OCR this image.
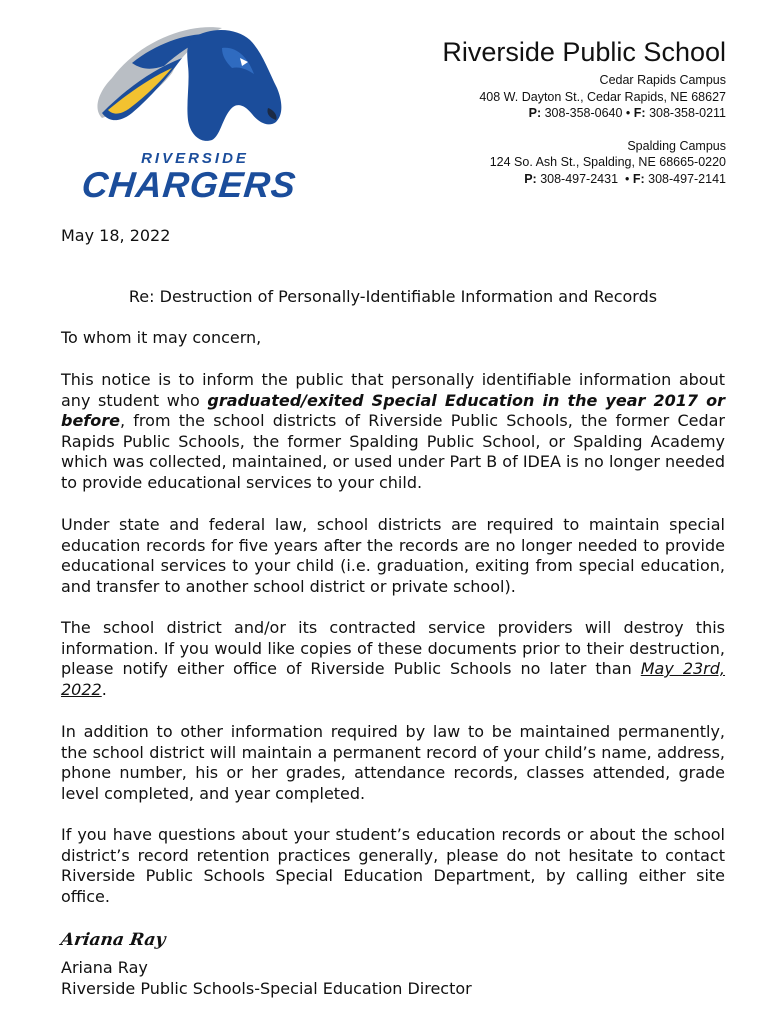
RIVERSIDE
CHARGERS
Riverside Public School
Cedar Rapids Campus
408 W. Dayton St., Cedar Rapids, NE 68627
P: 308-358-0640 • F: 308-358-0211
Spalding Campus
124 So. Ash St., Spalding, NE 68665-0220
P: 308-497-2431  • F: 308-497-2141
May 18, 2022
Re: Destruction of Personally-Identifiable Information and Records
To whom it may concern,
This notice is to inform the public that personally identifiable information about any student who graduated/exited Special Education in the year 2017 or before, from the school districts of Riverside Public Schools, the former Cedar Rapids Public Schools, the former Spalding Public School, or Spalding Academy which was collected, maintained, or used under Part B of IDEA is no longer needed to provide educational services to your child.
Under state and federal law, school districts are required to maintain special education records for five years after the records are no longer needed to provide educational services to your child (i.e. graduation, exiting from special education, and transfer to another school district or private school).
The school district and/or its contracted service providers will destroy this information. If you would like copies of these documents prior to their destruction, please notify either office of Riverside Public Schools no later than May 23rd, 2022.
In addition to other information required by law to be maintained permanently, the school district will maintain a permanent record of your child’s name, address, phone number, his or her grades, attendance records, classes attended, grade level completed, and year completed.
If you have questions about your student’s education records or about the school district’s record retention practices generally, please do not hesitate to contact Riverside Public Schools Special Education Department, by calling either site office.
Ariana Ray
Ariana Ray
Riverside Public Schools-Special Education Director
